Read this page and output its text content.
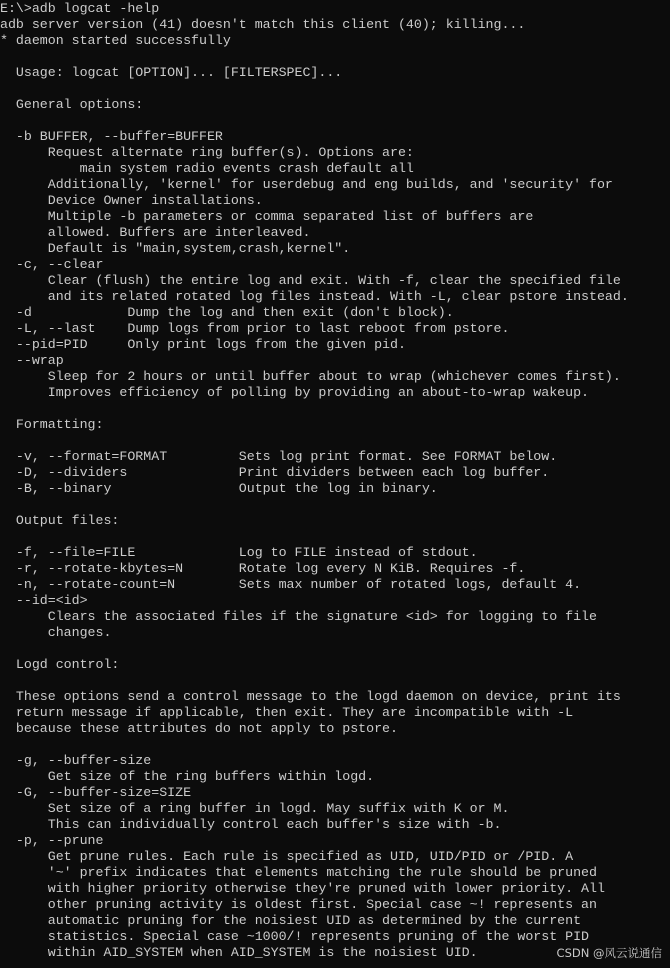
E:\>adb logcat -help
adb server version (41) doesn't match this client (40); killing...
* daemon started successfully

Usage: logcat [OPTION]... [FILTERSPEC]...

General options:

-b BUFFER, --buffer=BUFFER
Request alternate ring buffer(s). Options are:
main system radio events crash default all
Additionally, 'kernel' for userdebug and eng builds, and 'security' for
Device Owner installations.
Multiple -b parameters or comma separated list of buffers are
allowed. Buffers are interleaved.
Default is "main,system,crash,kernel".
-c, --clear
Clear (flush) the entire log and exit. With -f, clear the specified file
and its related rotated log files instead. With -L, clear pstore instead.
-d            Dump the log and then exit (don't block).
-L, --last    Dump logs from prior to last reboot from pstore.
--pid=PID     Only print logs from the given pid.
--wrap
Sleep for 2 hours or until buffer about to wrap (whichever comes first).
Improves efficiency of polling by providing an about-to-wrap wakeup.

Formatting:

-v, --format=FORMAT         Sets log print format. See FORMAT below.
-D, --dividers              Print dividers between each log buffer.
-B, --binary                Output the log in binary.

Output files:

-f, --file=FILE             Log to FILE instead of stdout.
-r, --rotate-kbytes=N       Rotate log every N KiB. Requires -f.
-n, --rotate-count=N        Sets max number of rotated logs, default 4.
--id=<id>
Clears the associated files if the signature <id> for logging to file
changes.

Logd control:

These options send a control message to the logd daemon on device, print its
return message if applicable, then exit. They are incompatible with -L
because these attributes do not apply to pstore.

-g, --buffer-size
Get size of the ring buffers within logd.
-G, --buffer-size=SIZE
Set size of a ring buffer in logd. May suffix with K or M.
This can individually control each buffer's size with -b.
-p, --prune
Get prune rules. Each rule is specified as UID, UID/PID or /PID. A
'~' prefix indicates that elements matching the rule should be pruned
with higher priority otherwise they're pruned with lower priority. All
other pruning activity is oldest first. Special case ~! represents an
automatic pruning for the noisiest UID as determined by the current
statistics. Special case ~1000/! represents pruning of the worst PID
within AID_SYSTEM when AID_SYSTEM is the noisiest UID.	CSDN @风云说通信
